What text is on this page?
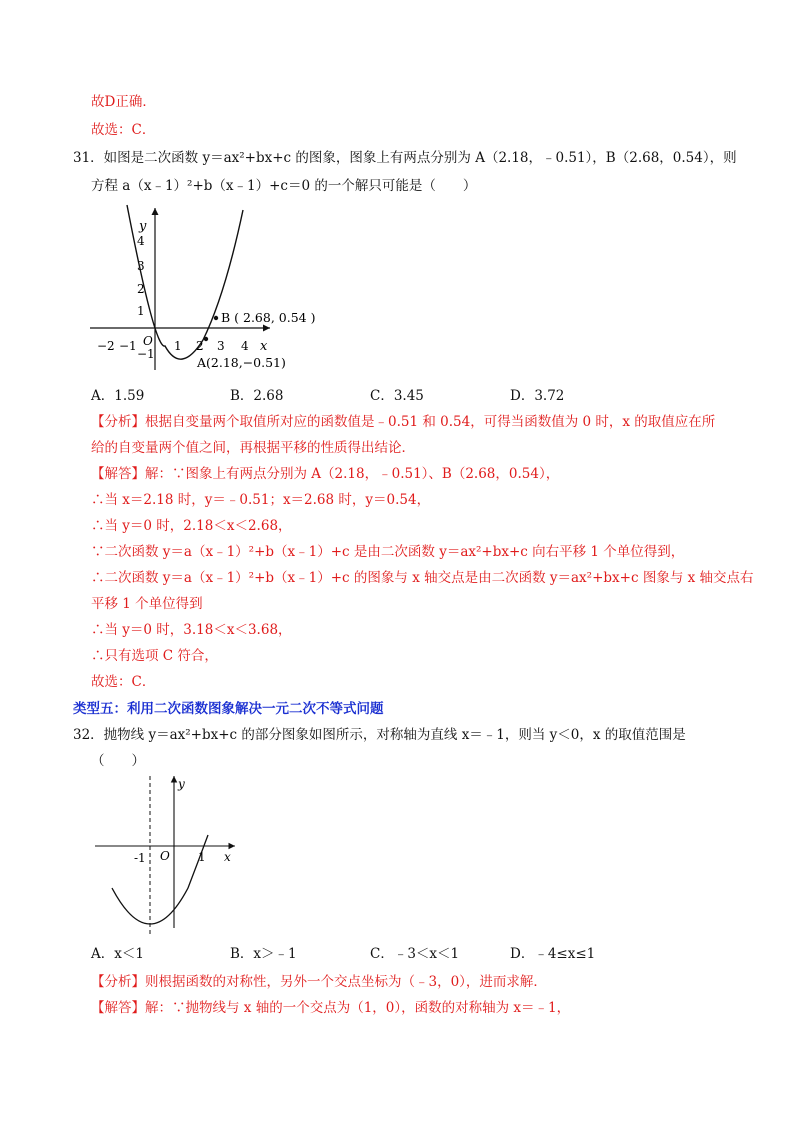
故D正确．
故选：C．
31．如图是二次函数 y＝ax²+bx+c 的图象，图象上有两点分别为 A（2.18，﹣0.51），B（2.68，0.54），则
方程 a（x﹣1）²+b（x﹣1）+c＝0 的一个解只可能是（　　）
y
4
3
2
1
O
−1
−2 −1	1 2 3 4 x
B ( 2.68, 0.54 )
A(2.18,−0.51)
A．1.59	B．2.68	C．3.45	D．3.72
【分析】根据自变量两个取值所对应的函数值是﹣0.51 和 0.54，可得当函数值为 0 时，x 的取值应在所
给的自变量两个值之间，再根据平移的性质得出结论．
【解答】解：∵图象上有两点分别为 A（2.18，﹣0.51）、B（2.68，0.54），
∴当 x＝2.18 时，y＝﹣0.51；x＝2.68 时，y＝0.54，
∴当 y＝0 时，2.18＜x＜2.68，
∵二次函数 y＝a（x﹣1）²+b（x﹣1）+c 是由二次函数 y＝ax²+bx+c 向右平移 1 个单位得到，
∴二次函数 y＝a（x﹣1）²+b（x﹣1）+c 的图象与 x 轴交点是由二次函数 y＝ax²+bx+c 图象与 x 轴交点右
平移 1 个单位得到
∴当 y＝0 时，3.18＜x＜3.68，
∴只有选项 C 符合，
故选：C．
类型五：利用二次函数图象解决一元二次不等式问题
32．抛物线 y＝ax²+bx+c 的部分图象如图所示，对称轴为直线 x＝﹣1，则当 y＜0，x 的取值范围是
（　　）
y
-1 O 1 x
A．x＜1	B．x＞﹣1	C．﹣3＜x＜1	D．﹣4≤x≤1
【分析】则根据函数的对称性，另外一个交点坐标为（﹣3，0），进而求解．
【解答】解：∵抛物线与 x 轴的一个交点为（1，0），函数的对称轴为 x＝﹣1，
